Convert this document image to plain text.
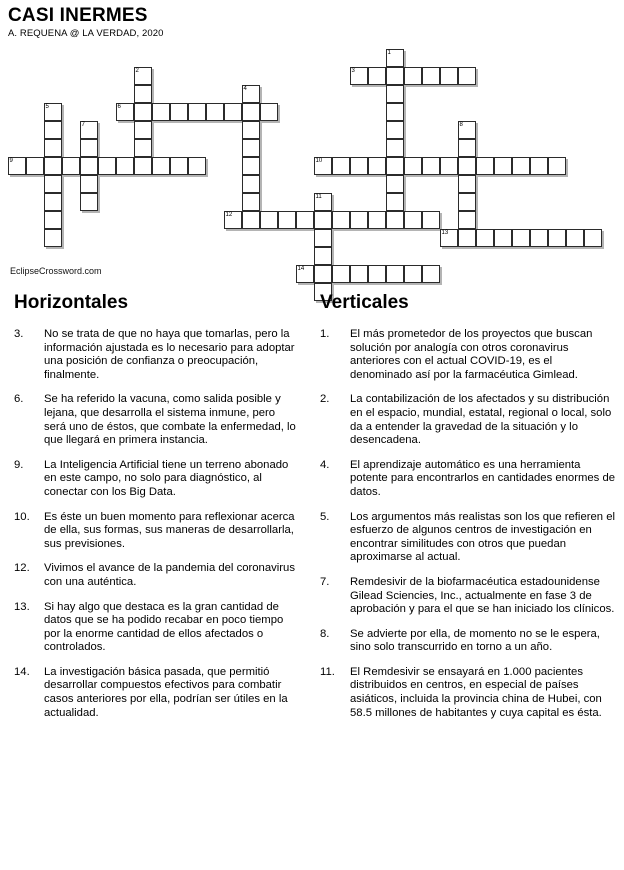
CASI INERMES
A. REQUENA @ LA VERDAD, 2020
1
2	3
4
5	6
7	8
9	10
11
12
13
14
EclipseCrossword.com
Horizontales
3.	No se trata de que no haya que tomarlas, pero la información ajustada es lo necesario para adoptar una posición de confianza o preocupación, finalmente.
6.	Se ha referido la vacuna, como salida posible y lejana, que desarrolla el sistema inmune, pero será uno de éstos, que combate la enfermedad, lo que llegará en primera instancia.
9.	La Inteligencia Artificial tiene un terreno abonado en este campo, no solo para diagnóstico, al conectar con los Big Data.
10.	Es éste un buen momento para reflexionar acerca de ella, sus formas, sus maneras de desarrollarla, sus previsiones.
12.	Vivimos el avance de la pandemia del coronavirus con una auténtica.
13.	Si hay algo que destaca es la gran cantidad de datos que se ha podido recabar en poco tiempo por la enorme cantidad de ellos afectados o controlados.
14.	La investigación básica pasada, que permitió desarrollar compuestos efectivos para combatir casos anteriores por ella, podrían ser útiles en la actualidad.
Verticales
1.	El más prometedor de los proyectos que buscan solución por analogía con otros coronavirus anteriores con el actual COVID-19, es el denominado así por la farmacéutica Gimlead.
2.	La contabilización de los afectados y su distribución en el espacio, mundial, estatal, regional o local, solo da a entender la gravedad de la situación y lo desencadena.
4.	El aprendizaje automático es una herramienta potente para encontrarlos en cantidades enormes de datos.
5.	Los argumentos más realistas son los que refieren el esfuerzo de algunos centros de investigación en encontrar similitudes con otros que puedan aproximarse al actual.
7.	Remdesivir de la biofarmacéutica estadounidense Gilead Sciencies, Inc., actualmente en fase 3 de aprobación y para el que se han iniciado los clínicos.
8.	Se advierte por ella, de momento no se le espera, sino solo transcurrido en torno a un año.
11.	El Remdesivir se ensayará en 1.000 pacientes distribuidos en centros, en especial de países asiáticos, incluida la provincia china de Hubei, con 58.5 millones de habitantes y cuya capital es ésta.
